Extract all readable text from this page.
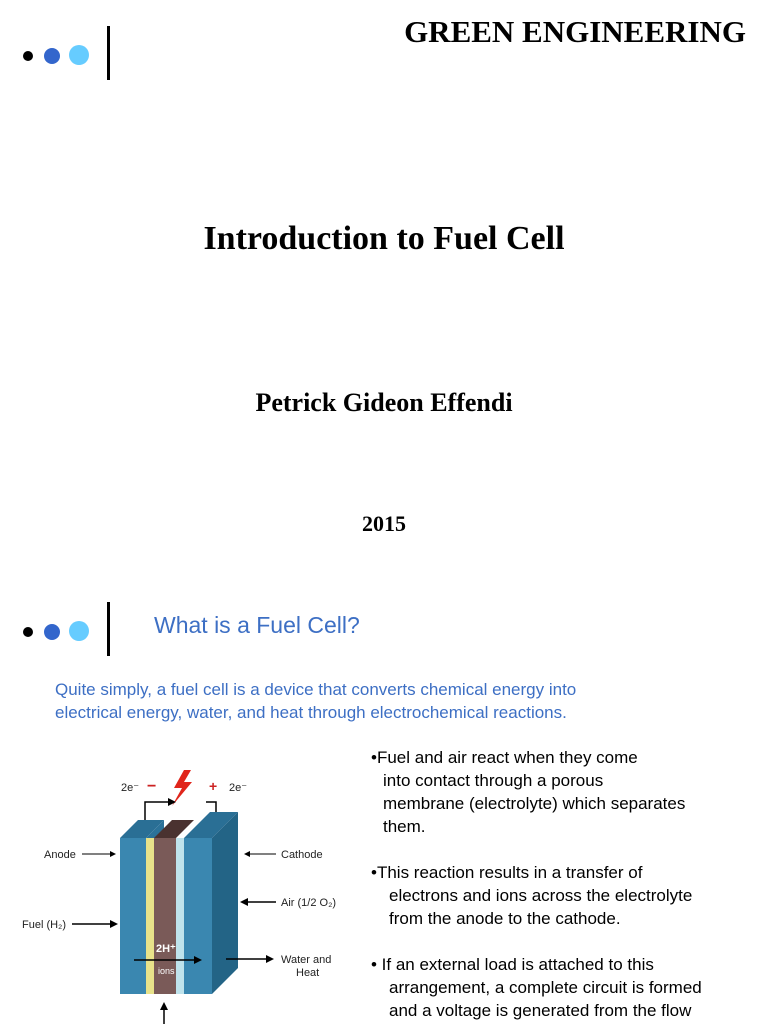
GREEN ENGINEERING
Introduction to Fuel Cell
Petrick Gideon Effendi
2015
What is a Fuel Cell?
Quite simply, a fuel cell is a device that converts chemical energy into
electrical energy, water, and heat through electrochemical reactions.
•Fuel and air react when they come
into contact through a porous
membrane (electrolyte) which separates
them.
•This reaction results in a transfer of
electrons and ions across the electrolyte
from the anode to the cathode.
• If an external load is attached to this
arrangement, a complete circuit is formed
and a voltage is generated from the flow
2e⁻ −	+ 2e⁻
2H⁺
ions
Anode
Fuel (H₂)
Cathode
Air (1/2 O₂)
Water and
Heat
